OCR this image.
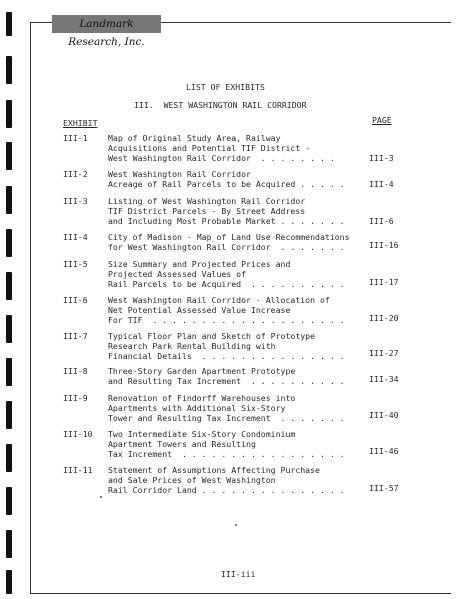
Landmark Research, Inc.
LIST OF EXHIBITS
III.  WEST WASHINGTON RAIL CORRIDOR
EXHIBIT	PAGE
III-1 Map of Original Study Area, Railway
Acquisitions and Potential TIF District -
West Washington Rail Corridor  . . . . . . . .	III-3
III-2 West Washington Rail Corridor
Acreage of Rail Parcels to be Acquired . . . . .	III-4
III-3 Listing of West Washington Rail Corridor
TIF District Parcels - By Street Address
and Including Most Probable Market . . . . . . .	III-6
III-4 City of Madison - Map of Land Use Recommendations
for West Washington Rail Corridor  . . . . . . .	III-16
III-5 Size Summary and Projected Prices and
Projected Assessed Values of
Rail Parcels to be Acquired  . . . . . . . . . .	III-17
III-6 West Washington Rail Corridor - Allocation of
Net Potential Assessed Value Increase
For TIF  . . . . . . . . . . . . . . . . . . . .	III-20
III-7 Typical Floor Plan and Sketch of Prototype
Research Park Rental Building with
Financial Details  . . . . . . . . . . . . . . .	III-27
III-8 Three-Story Garden Apartment Prototype
and Resulting Tax Increment  . . . . . . . . . .	III-34
III-9 Renovation of Findorff Warehouses into
Apartments with Additional Six-Story
Tower and Resulting Tax Increment  . . . . . . .	III-40
III-10 Two Intermediate Six-Story Condominium
Apartment Towers and Resulting
Tax Increment  . . . . . . . . . . . . . . . . .	III-46
III-11 Statement of Assumptions Affecting Purchase
and Sale Prices of West Washington
Rail Corridor Land . . . . . . . . . . . . . . .	III-57
III-iii
